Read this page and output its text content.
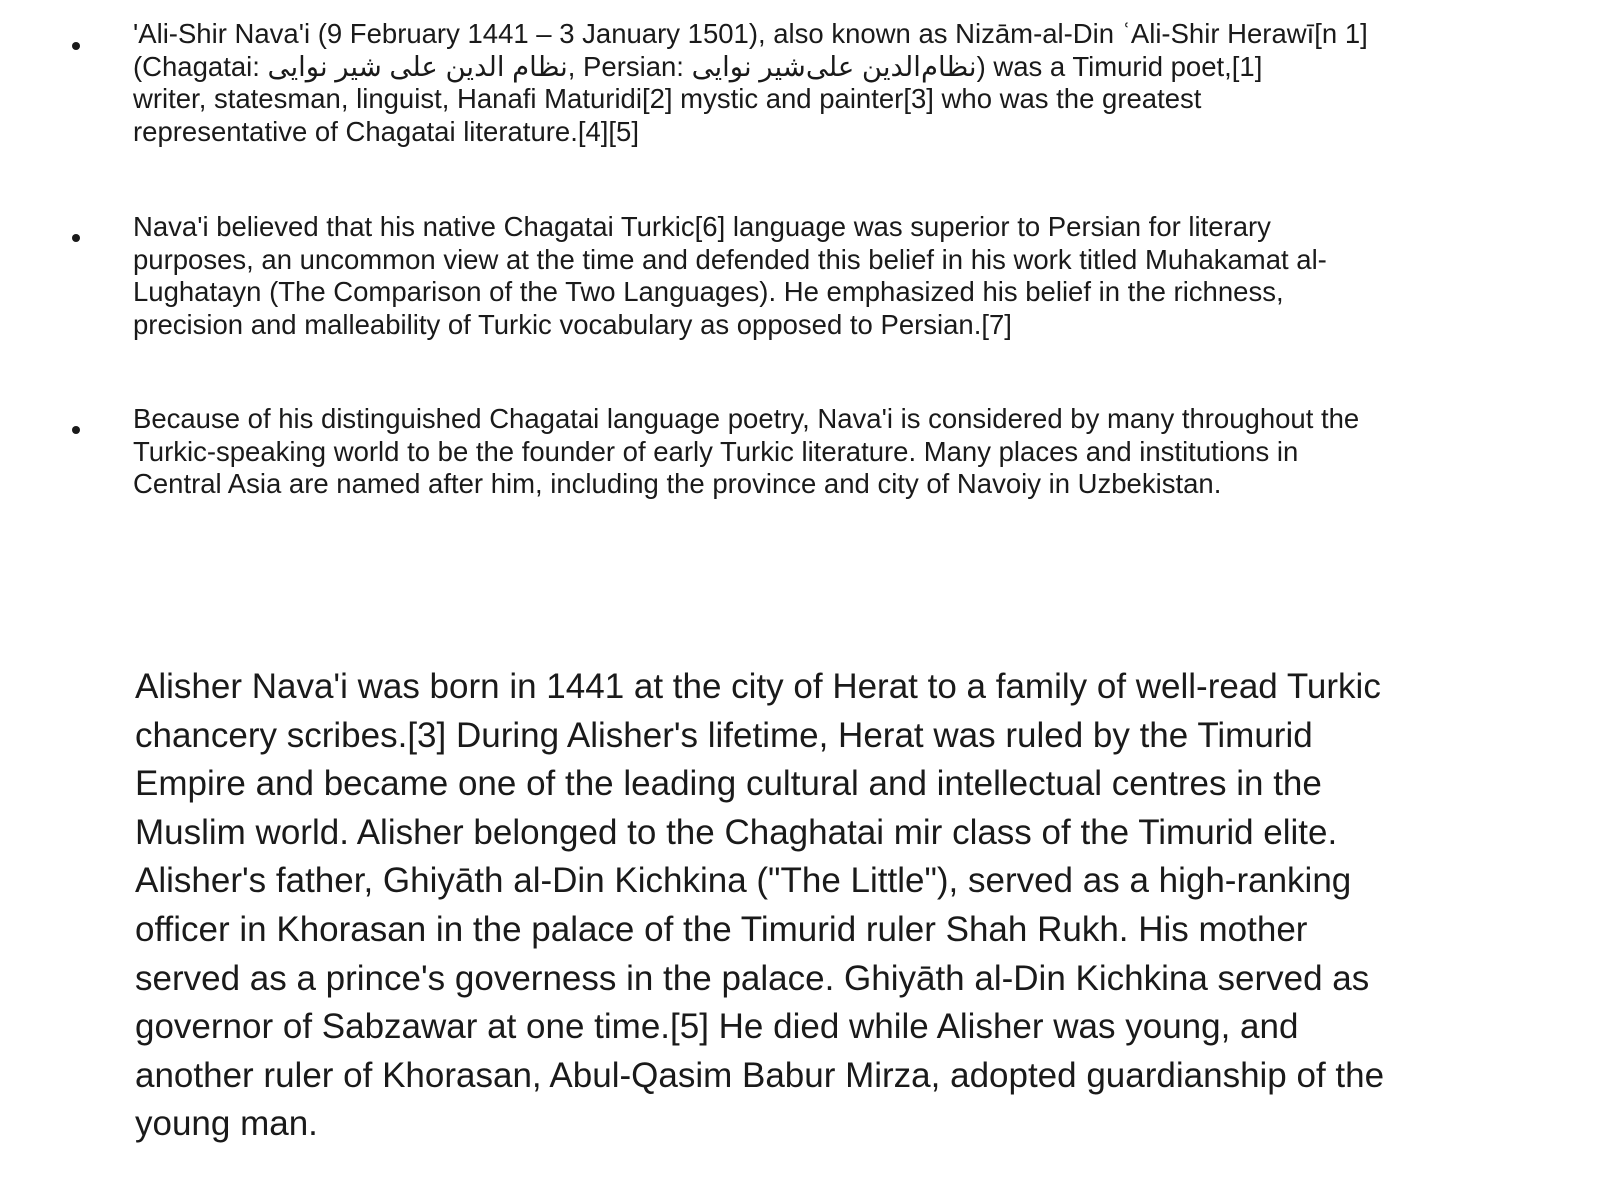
'Ali-Shir Nava'i (9 February 1441 – 3 January 1501), also known as Nizām-al-Din ʿAli-Shir Herawī[n 1]
(Chagatai: نظام الدين على شير نوايى, Persian: نظام‌الدین علی‌شیر نوایی) was a Timurid poet,[1]
writer, statesman, linguist, Hanafi Maturidi[2] mystic and painter[3] who was the greatest
representative of Chagatai literature.[4][5]

Nava'i believed that his native Chagatai Turkic[6] language was superior to Persian for literary
purposes, an uncommon view at the time and defended this belief in his work titled Muhakamat al-
Lughatayn (The Comparison of the Two Languages). He emphasized his belief in the richness,
precision and malleability of Turkic vocabulary as opposed to Persian.[7]

Because of his distinguished Chagatai language poetry, Nava'i is considered by many throughout the
Turkic-speaking world to be the founder of early Turkic literature. Many places and institutions in
Central Asia are named after him, including the province and city of Navoiy in Uzbekistan.

Alisher Nava'i was born in 1441 at the city of Herat to a family of well-read Turkic
chancery scribes.[3] During Alisher's lifetime, Herat was ruled by the Timurid
Empire and became one of the leading cultural and intellectual centres in the
Muslim world. Alisher belonged to the Chaghatai mir class of the Timurid elite.
Alisher's father, Ghiyāth al-Din Kichkina ("The Little"), served as a high-ranking
officer in Khorasan in the palace of the Timurid ruler Shah Rukh. His mother
served as a prince's governess in the palace. Ghiyāth al-Din Kichkina served as
governor of Sabzawar at one time.[5] He died while Alisher was young, and
another ruler of Khorasan, Abul-Qasim Babur Mirza, adopted guardianship of the
young man.
